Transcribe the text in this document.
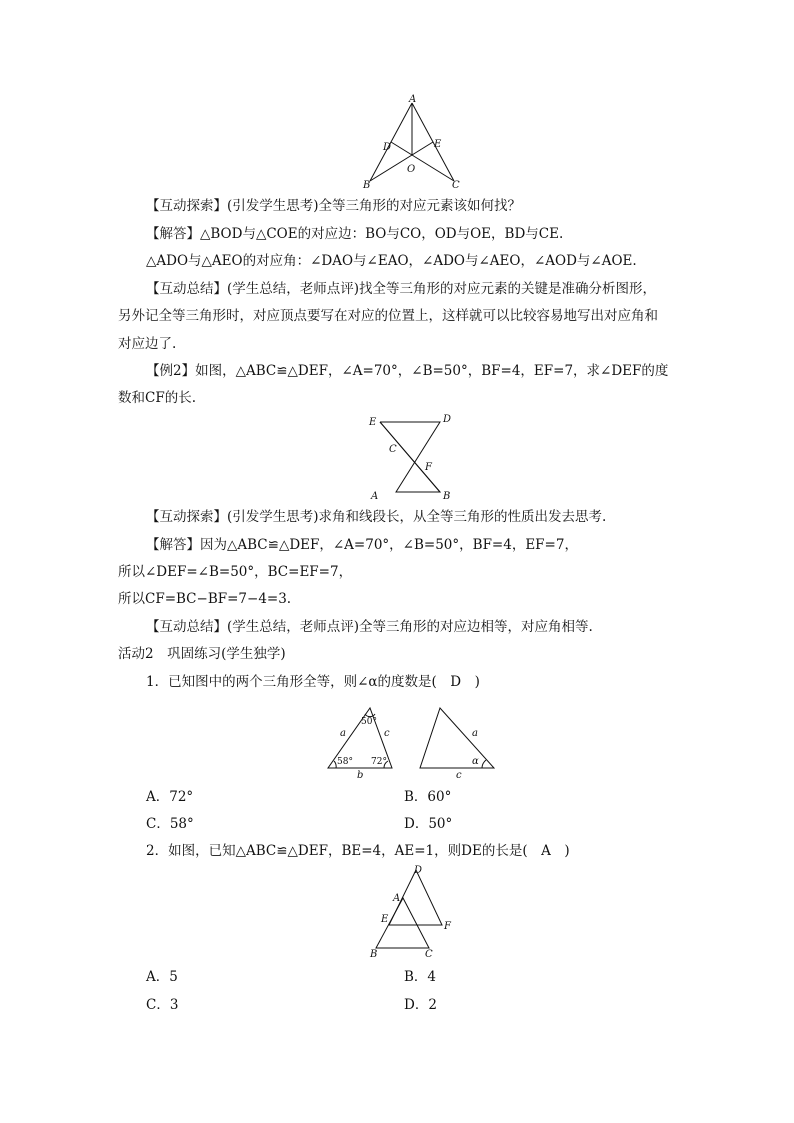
A
B	C
D	E
O
【互动探索】(引发学生思考)全等三角形的对应元素该如何找？
【解答】△BOD与△COE的对应边：BO与CO，OD与OE，BD与CE.
△ADO与△AEO的对应角：∠DAO与∠EAO，∠ADO与∠AEO，∠AOD与∠AOE.
【互动总结】(学生总结，老师点评)找全等三角形的对应元素的关键是准确分析图形，
另外记全等三角形时，对应顶点要写在对应的位置上，这样就可以比较容易地写出对应角和
对应边了.
【例2】如图，△ABC≌△DEF，∠A=70°，∠B=50°，BF=4，EF=7，求∠DEF的度
数和CF的长.
E	D
C
F
A	B
【互动探索】(引发学生思考)求角和线段长，从全等三角形的性质出发去思考.
【解答】因为△ABC≌△DEF，∠A=70°，∠B=50°，BF=4，EF=7，
所以∠DEF=∠B=50°，BC=EF=7，
所以CF=BC−BF=7−4=3.
【互动总结】(学生总结，老师点评)全等三角形的对应边相等，对应角相等.
活动2　巩固练习(学生独学)
1．已知图中的两个三角形全等，则∠α的度数是(　D　)
50°
a	c
58° 72°
b
a
α
c
A．72°	B．60°
C．58°	D．50°
2．如图，已知△ABC≌△DEF，BE=4，AE=1，则DE的长是(　A　)
D
A
E
F
B	C
A．5	B．4
C．3	D．2
